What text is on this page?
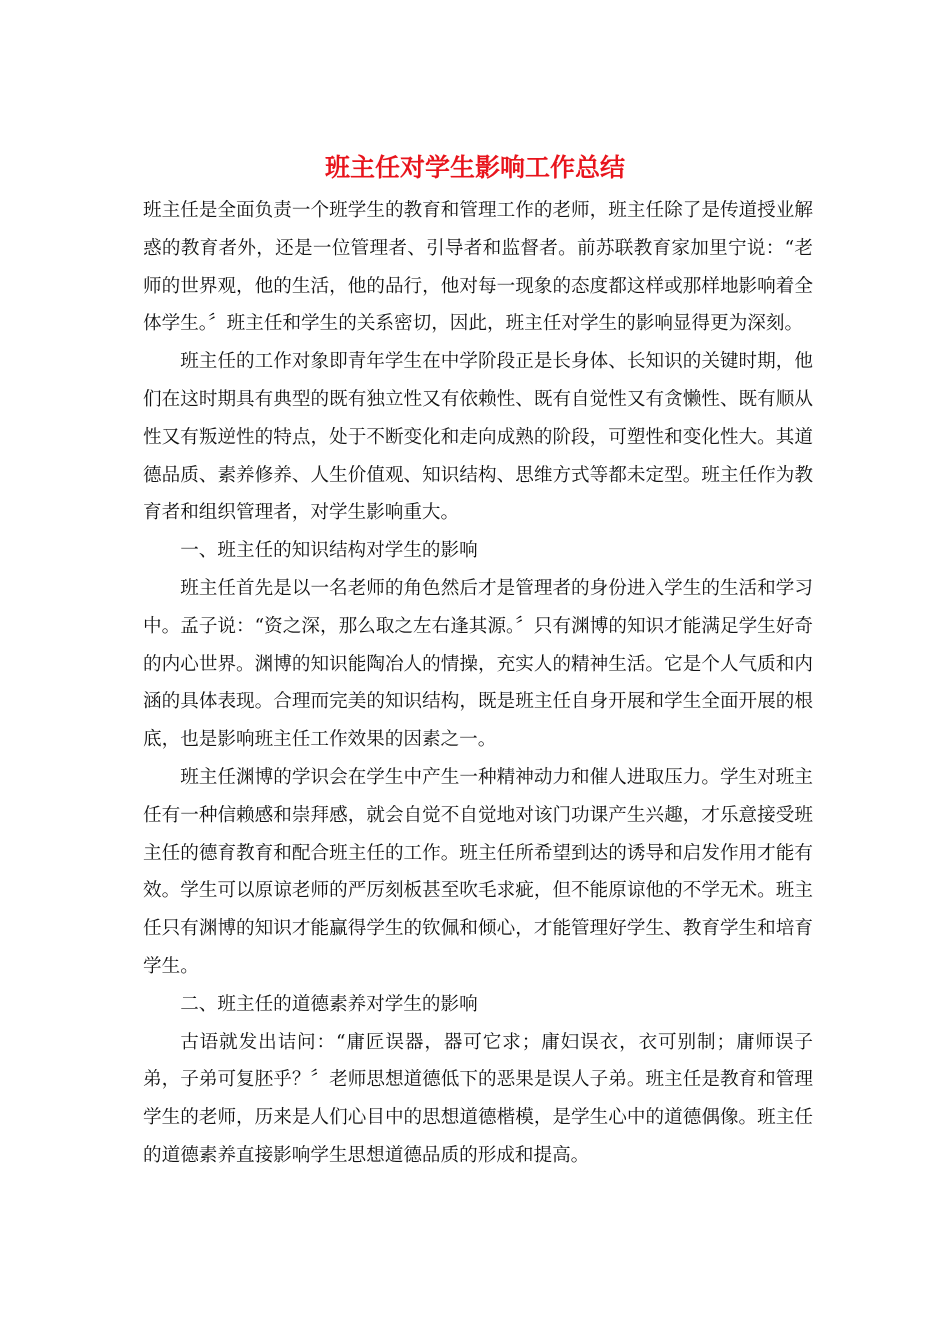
班主任对学生影响工作总结

班主任是全面负责一个班学生的教育和管理工作的老师，班主任除了是传道授业解惑的教育者外，还是一位管理者、引导者和监督者。前苏联教育家加里宁说：“老师的世界观，他的生活，他的品行，他对每一现象的态度都这样或那样地影响着全体学生。〞班主任和学生的关系密切，因此，班主任对学生的影响显得更为深刻。

班主任的工作对象即青年学生在中学阶段正是长身体、长知识的关键时期，他们在这时期具有典型的既有独立性又有依赖性、既有自觉性又有贪懒性、既有顺从性又有叛逆性的特点，处于不断变化和走向成熟的阶段，可塑性和变化性大。其道德品质、素养修养、人生价值观、知识结构、思维方式等都未定型。班主任作为教育者和组织管理者，对学生影响重大。

一、班主任的知识结构对学生的影响

班主任首先是以一名老师的角色然后才是管理者的身份进入学生的生活和学习中。孟子说：“资之深，那么取之左右逢其源。〞只有渊博的知识才能满足学生好奇的内心世界。渊博的知识能陶冶人的情操，充实人的精神生活。它是个人气质和内涵的具体表现。合理而完美的知识结构，既是班主任自身开展和学生全面开展的根底，也是影响班主任工作效果的因素之一。

班主任渊博的学识会在学生中产生一种精神动力和催人进取压力。学生对班主任有一种信赖感和崇拜感，就会自觉不自觉地对该门功课产生兴趣，才乐意接受班主任的德育教育和配合班主任的工作。班主任所希望到达的诱导和启发作用才能有效。学生可以原谅老师的严厉刻板甚至吹毛求疵，但不能原谅他的不学无术。班主任只有渊博的知识才能赢得学生的钦佩和倾心，才能管理好学生、教育学生和培育学生。

二、班主任的道德素养对学生的影响

古语就发出诘问：“庸匠误器，器可它求；庸妇误衣，衣可别制；庸师误子弟，子弟可复胚乎？〞老师思想道德低下的恶果是误人子弟。班主任是教育和管理学生的老师，历来是人们心目中的思想道德楷模，是学生心中的道德偶像。班主任的道德素养直接影响学生思想道德品质的形成和提高。
